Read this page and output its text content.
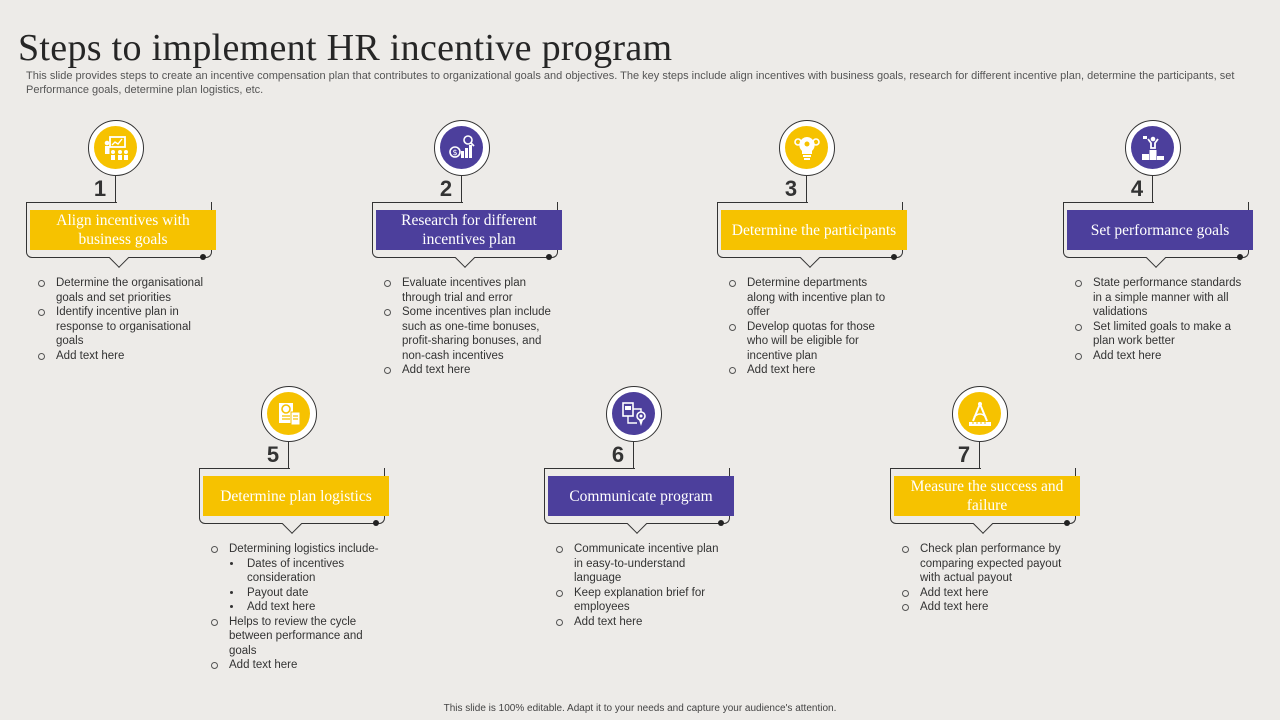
Steps to implement HR incentive program
This slide provides steps to create an incentive compensation plan that contributes to organizational goals and objectives. The key steps include align incentives with business goals, research for different incentive plan, determine the participants, set Performance goals, determine plan logistics, etc.
1
Align incentives with business goals
Determine the organisational goals and set priorities
Identify incentive plan in response to organisational goals
Add text here
$
2
Research for different incentives plan
Evaluate incentives plan through trial and error
Some incentives plan include such as one-time bonuses, profit-sharing bonuses, and non-cash incentives
Add text here
3
Determine the participants
Determine departments along with incentive plan to offer
Develop quotas for those who will be eligible for incentive plan
Add text here
4
Set performance goals
State performance standards in a simple manner with all validations
Set limited goals to make a plan work better
Add text here
5
Determine plan logistics
Determining logistics include-
Dates of incentives consideration
Payout date
Add text here
Helps to review the cycle between performance and goals
Add text here
6
Communicate program
Communicate incentive plan in easy-to-understand language
Keep explanation brief for employees
Add text here
7
Measure the success and failure
Check plan performance by comparing expected payout with actual payout
Add text here
Add text here
This slide is 100% editable. Adapt it to your needs and capture your audience's attention.
